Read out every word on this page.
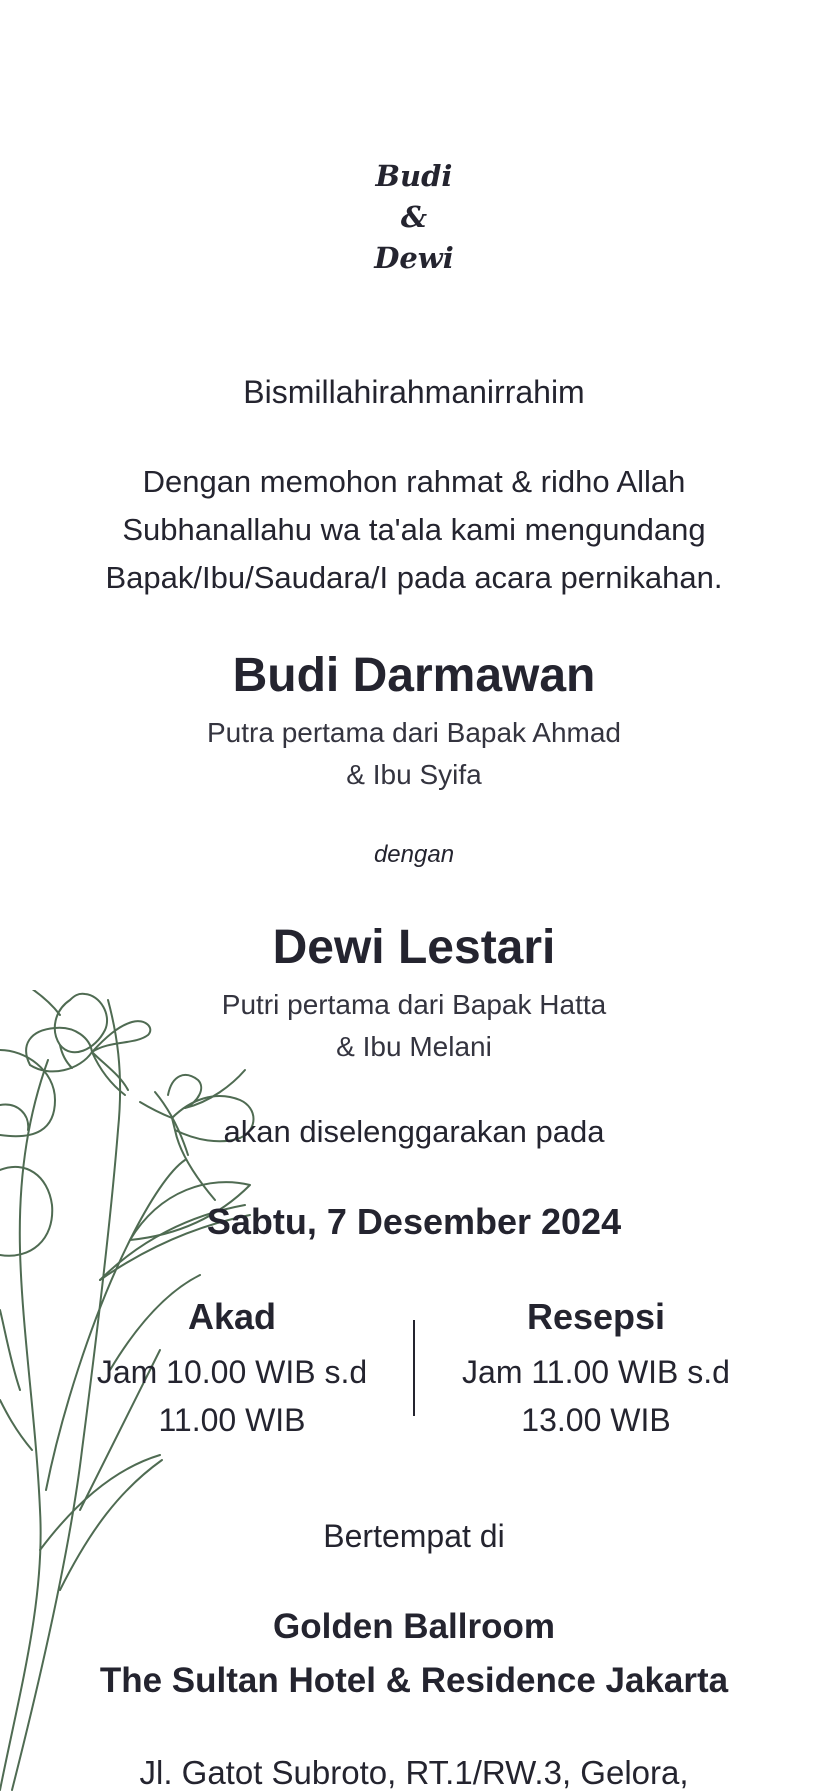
Budi
&
Dewi
Bismillahirahmanirrahim
Dengan memohon rahmat & ridho Allah
Subhanallahu wa ta'ala kami mengundang
Bapak/Ibu/Saudara/I pada acara pernikahan.
Budi Darmawan
Putra pertama dari Bapak Ahmad
& Ibu Syifa
dengan
Dewi Lestari
Putri pertama dari Bapak Hatta
& Ibu Melani
akan diselenggarakan pada
Sabtu, 7 Desember 2024
Akad
Jam 10.00 WIB s.d
11.00 WIB
Resepsi
Jam 11.00 WIB s.d
13.00 WIB
Bertempat di
Golden Ballroom
The Sultan Hotel & Residence Jakarta
Jl. Gatot Subroto, RT.1/RW.3, Gelora,
